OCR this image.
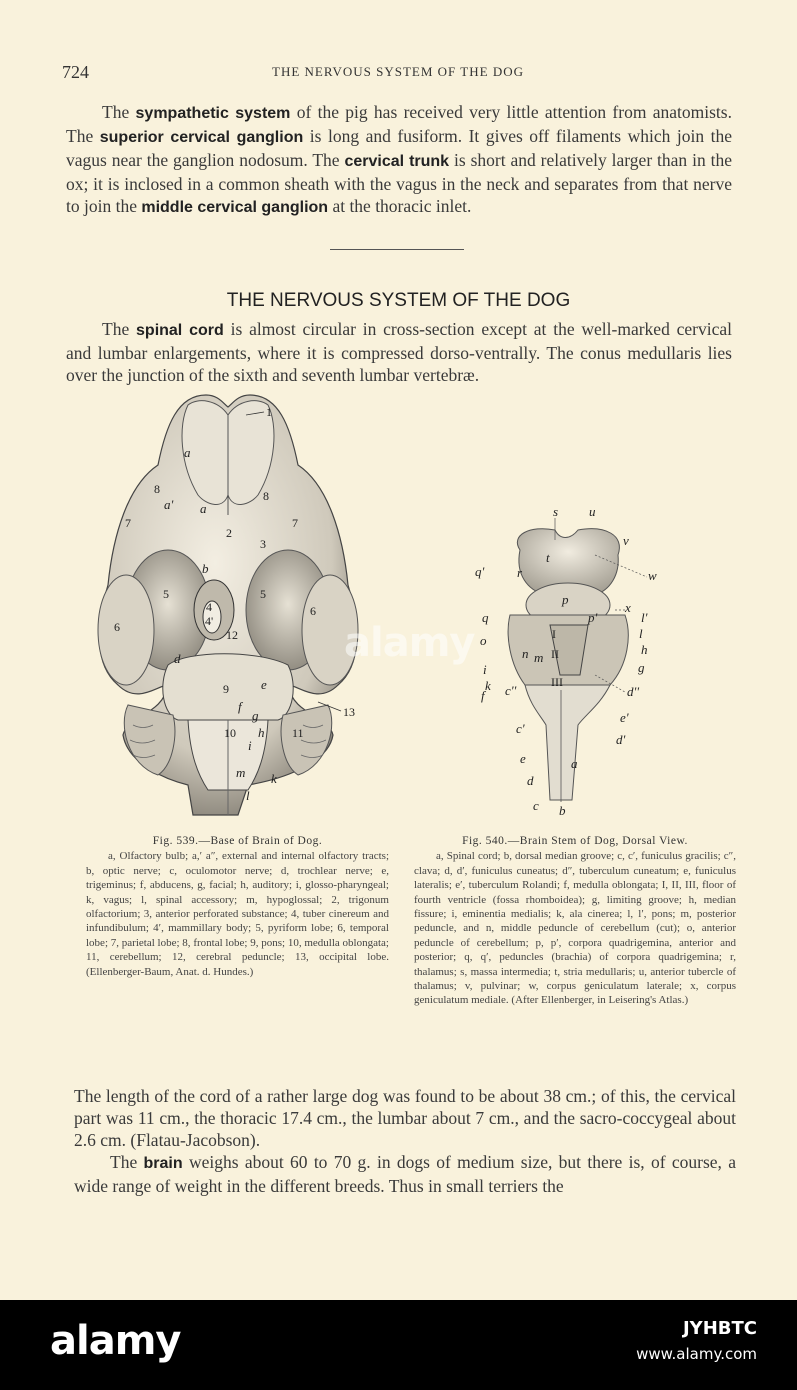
724	THE NERVOUS SYSTEM OF THE DOG

The sympathetic system of the pig has received very little attention from anatomists. The superior cervical ganglion is long and fusiform. It gives off filaments which join the vagus near the ganglion nodosum. The cervical trunk is short and relatively larger than in the ox; it is inclosed in a common sheath with the vagus in the neck and separates from that nerve to join the middle cervical ganglion at the thoracic inlet.

THE NERVOUS SYSTEM OF THE DOG

The spinal cord is almost circular in cross-section except at the well-marked cervical and lumbar enlargements, where it is compressed dorso-ventrally. The conus medullaris lies over the junction of the sixth and seventh lumbar vertebræ.

1
a
a
a'
8	8
7	7
2
3
b
5	5
6
6
4
4'
12
d
e
9
f
g
h
10	11
i
m k
l
13
s u
v
w
q'	r
t
p
p'
x
l'
l
q
o	I
h
n m II
g
III
i
k	d''
f c''
e'
c'
d'
e	a
d
c b
Fig. 539.—Base of Brain of Dog.
a, Olfactory bulb; a,′ a″, external and internal olfactory tracts; b, optic nerve; c, oculomotor nerve; d, trochlear nerve; e, trigeminus; f, abducens, g, facial; h, auditory; i, glosso-pharyngeal; k, vagus; l, spinal accessory; m, hypoglossal; 2, trigonum olfactorium; 3, anterior perforated substance; 4, tuber cinereum and infundibulum; 4′, mammillary body; 5, pyriform lobe; 6, temporal lobe; 7, parietal lobe; 8, frontal lobe; 9, pons; 10, medulla oblongata; 11, cerebellum; 12, cerebral peduncle; 13, occipital lobe. (Ellenberger-Baum, Anat. d. Hundes.)
Fig. 540.—Brain Stem of Dog, Dorsal View.
a, Spinal cord; b, dorsal median groove; c, c′, funiculus gracilis; c″, clava; d, d′, funiculus cuneatus; d″, tuberculum cuneatum; e, funiculus lateralis; e′, tuberculum Rolandi; f, medulla oblongata; I, II, III, floor of fourth ventricle (fossa rhomboidea); g, limiting groove; h, median fissure; i, eminentia medialis; k, ala cinerea; l, l′, pons; m, posterior peduncle, and n, middle peduncle of cerebellum (cut); o, anterior peduncle of cerebellum; p, p′, corpora quadrigemina, anterior and posterior; q, q′, peduncles (brachia) of corpora quadrigemina; r, thalamus; s, massa intermedia; t, stria medullaris; u, anterior tubercle of thalamus; v, pulvinar; w, corpus geniculatum laterale; x, corpus geniculatum mediale. (After Ellenberger, in Leisering's Atlas.)

The length of the cord of a rather large dog was found to be about 38 cm.; of this, the cervical part was 11 cm., the thoracic 17.4 cm., the lumbar about 7 cm., and the sacro-coccygeal about 2.6 cm. (Flatau-Jacobson).

The brain weighs about 60 to 70 g. in dogs of medium size, but there is, of course, a wide range of weight in the different breeds. Thus in small terriers the

alamy
alamy	JYHBTC
www.alamy.com
